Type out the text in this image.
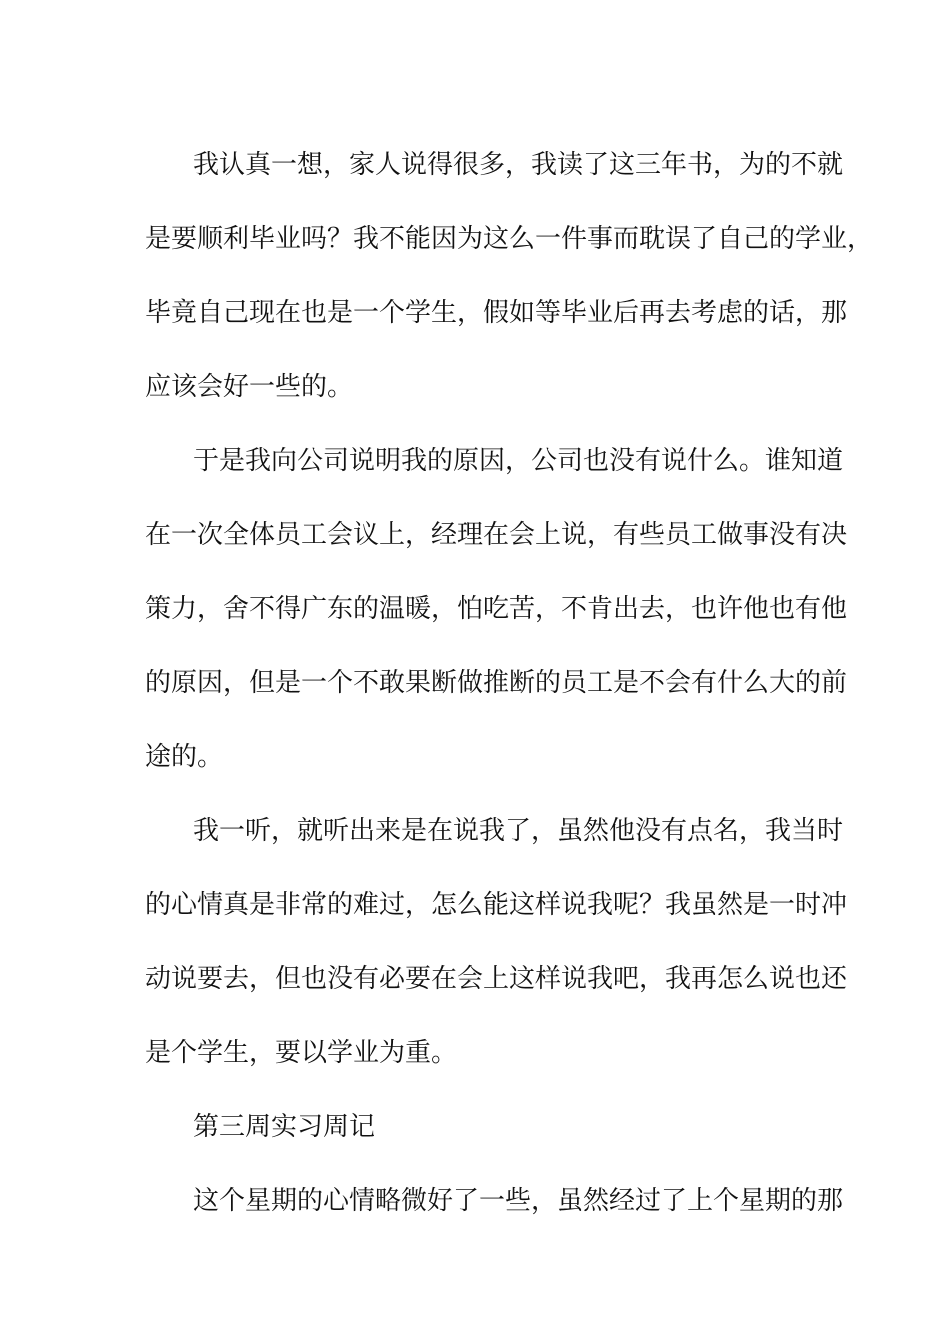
我认真一想，家人说得很多，我读了这三年书，为的不就
是要顺利毕业吗？我不能因为这么一件事而耽误了自己的学业，
毕竟自己现在也是一个学生，假如等毕业后再去考虑的话，那
应该会好一些的。
于是我向公司说明我的原因，公司也没有说什么。谁知道
在一次全体员工会议上，经理在会上说，有些员工做事没有决
策力，舍不得广东的温暖，怕吃苦，不肯出去，也许他也有他
的原因，但是一个不敢果断做推断的员工是不会有什么大的前
途的。
我一听，就听出来是在说我了，虽然他没有点名，我当时
的心情真是非常的难过，怎么能这样说我呢？我虽然是一时冲
动说要去，但也没有必要在会上这样说我吧，我再怎么说也还
是个学生，要以学业为重。
第三周实习周记
这个星期的心情略微好了一些，虽然经过了上个星期的那
